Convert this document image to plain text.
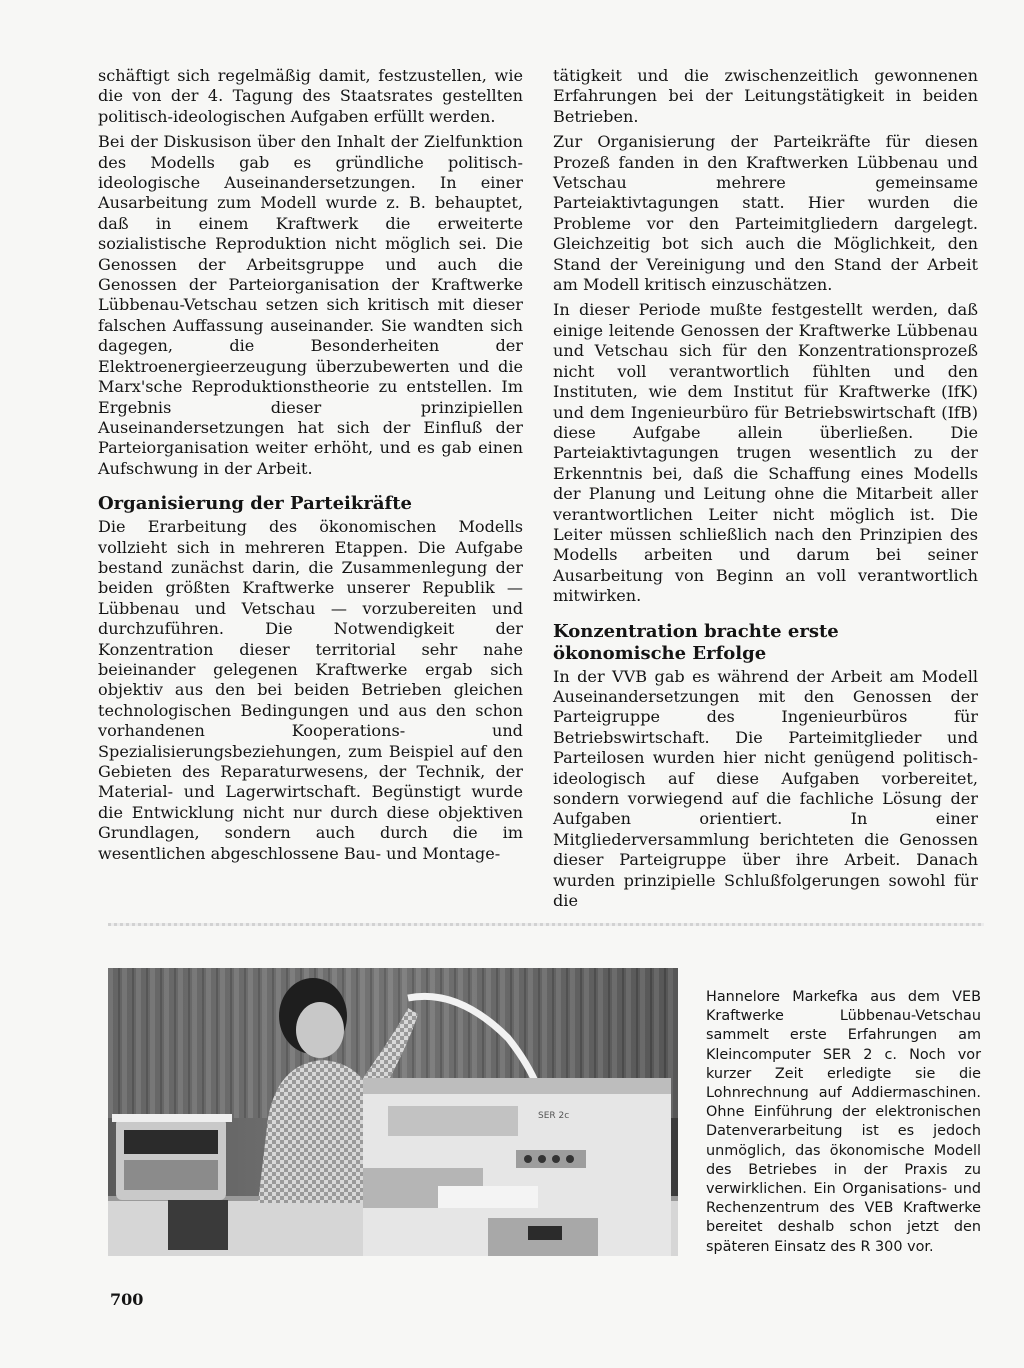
schäftigt sich regelmäßig damit, festzustellen, wie die von der 4. Tagung des Staatsrates gestellten politisch-ideologischen Aufgaben erfüllt werden.

Bei der Diskusison über den Inhalt der Zielfunktion des Modells gab es gründliche politisch-ideologische Auseinandersetzungen. In einer Ausarbeitung zum Modell wurde z. B. behauptet, daß in einem Kraftwerk die erweiterte sozialistische Reproduktion nicht möglich sei. Die Genossen der Arbeitsgruppe und auch die Genossen der Parteiorganisation der Kraftwerke Lübbenau-Vetschau setzen sich kritisch mit dieser falschen Auffassung auseinander. Sie wandten sich dagegen, die Besonderheiten der Elektroenergieerzeugung überzubewerten und die Marx'sche Reproduktionstheorie zu entstellen. Im Ergebnis dieser prinzipiellen Auseinandersetzungen hat sich der Einfluß der Parteiorganisation weiter erhöht, und es gab einen Aufschwung in der Arbeit.

Organisierung der Parteikräfte

Die Erarbeitung des ökonomischen Modells vollzieht sich in mehreren Etappen. Die Aufgabe bestand zunächst darin, die Zusammenlegung der beiden größten Kraftwerke unserer Republik — Lübbenau und Vetschau — vorzubereiten und durchzuführen. Die Notwendigkeit der Konzentration dieser territorial sehr nahe beieinander gelegenen Kraftwerke ergab sich objektiv aus den bei beiden Betrieben gleichen technologischen Bedingungen und aus den schon vorhandenen Kooperations- und Spezialisierungsbeziehungen, zum Beispiel auf den Gebieten des Reparaturwesens, der Technik, der Material- und Lagerwirtschaft. Begünstigt wurde die Entwicklung nicht nur durch diese objektiven Grundlagen, sondern auch durch die im wesentlichen abgeschlossene Bau- und Montage-

tätigkeit und die zwischenzeitlich gewonnenen Erfahrungen bei der Leitungstätigkeit in beiden Betrieben.

Zur Organisierung der Parteikräfte für diesen Prozeß fanden in den Kraftwerken Lübbenau und Vetschau mehrere gemeinsame Parteiaktivtagungen statt. Hier wurden die Probleme vor den Parteimitgliedern dargelegt. Gleichzeitig bot sich auch die Möglichkeit, den Stand der Vereinigung und den Stand der Arbeit am Modell kritisch einzuschätzen.

In dieser Periode mußte festgestellt werden, daß einige leitende Genossen der Kraftwerke Lübbenau und Vetschau sich für den Konzentrationsprozeß nicht voll verantwortlich fühlten und den Instituten, wie dem Institut für Kraftwerke (IfK) und dem Ingenieurbüro für Betriebswirtschaft (IfB) diese Aufgabe allein überließen. Die Parteiaktivtagungen trugen wesentlich zu der Erkenntnis bei, daß die Schaffung eines Modells der Planung und Leitung ohne die Mitarbeit aller verantwortlichen Leiter nicht möglich ist. Die Leiter müssen schließlich nach den Prinzipien des Modells arbeiten und darum bei seiner Ausarbeitung von Beginn an voll verantwortlich mitwirken.

Konzentration brachte erste ökonomische Erfolge

In der VVB gab es während der Arbeit am Modell Auseinandersetzungen mit den Genossen der Parteigruppe des Ingenieurbüros für Betriebswirtschaft. Die Parteimitglieder und Parteilosen wurden hier nicht genügend politisch-ideologisch auf diese Aufgaben vorbereitet, sondern vorwiegend auf die fachliche Lösung der Aufgaben orientiert. In einer Mitgliederversammlung berichteten die Genossen dieser Parteigruppe über ihre Arbeit. Danach wurden prinzipielle Schlußfolgerungen sowohl für die

SER 2c

Hannelore Markefka aus dem VEB Kraftwerke Lübbenau-Vetschau sammelt erste Erfahrungen am Kleincomputer SER 2 c. Noch vor kurzer Zeit erledigte sie die Lohnrechnung auf Addiermaschinen. Ohne Einführung der elektronischen Datenverarbeitung ist es jedoch unmöglich, das ökonomische Modell des Betriebes in der Praxis zu verwirklichen. Ein Organisations- und Rechenzentrum des VEB Kraftwerke bereitet deshalb schon jetzt den späteren Einsatz des R 300 vor.

700
